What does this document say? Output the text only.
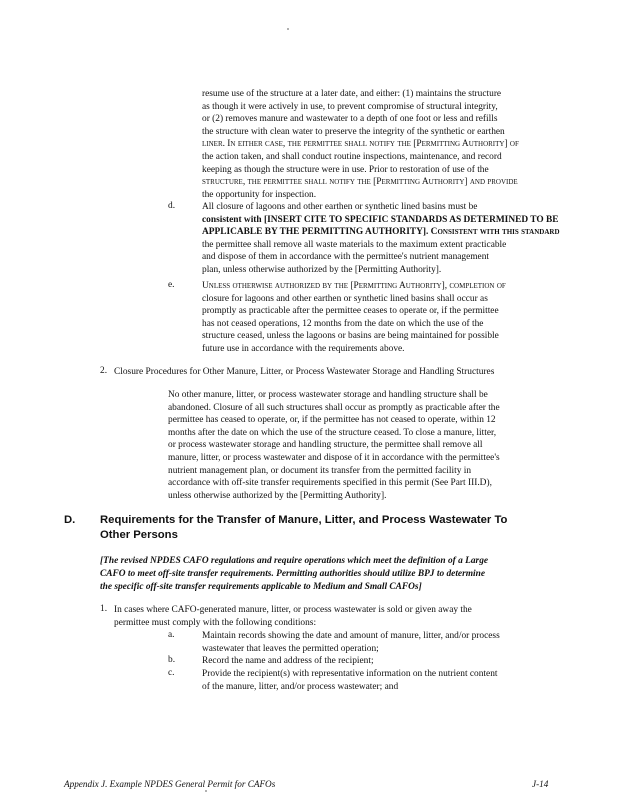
resume use of the structure at a later date, and either: (1) maintains the structure
as though it were actively in use, to prevent compromise of structural integrity,
or (2) removes manure and wastewater to a depth of one foot or less and refills
the structure with clean water to preserve the integrity of the synthetic or earthen
liner. In either case, the permittee shall notify the [Permitting Authority] of
the action taken, and shall conduct routine inspections, maintenance, and record
keeping as though the structure were in use. Prior to restoration of use of the
structure, the permittee shall notify the [Permitting Authority] and provide
the opportunity for inspection.
d.	All closure of lagoons and other earthen or synthetic lined basins must be
consistent with [INSERT CITE TO SPECIFIC STANDARDS AS DETERMINED TO BE
APPLICABLE BY THE PERMITTING AUTHORITY]. Consistent with this standard
the permittee shall remove all waste materials to the maximum extent practicable
and dispose of them in accordance with the permittee's nutrient management
plan, unless otherwise authorized by the [Permitting Authority].
e.	Unless otherwise authorized by the [Permitting Authority], completion of
closure for lagoons and other earthen or synthetic lined basins shall occur as
promptly as practicable after the permittee ceases to operate or, if the permittee
has not ceased operations, 12 months from the date on which the use of the
structure ceased, unless the lagoons or basins are being maintained for possible
future use in accordance with the requirements above.
2. Closure Procedures for Other Manure, Litter, or Process Wastewater Storage and Handling Structures
No other manure, litter, or process wastewater storage and handling structure shall be
abandoned. Closure of all such structures shall occur as promptly as practicable after the
permittee has ceased to operate, or, if the permittee has not ceased to operate, within 12
months after the date on which the use of the structure ceased. To close a manure, litter,
or process wastewater storage and handling structure, the permittee shall remove all
manure, litter, or process wastewater and dispose of it in accordance with the permittee's
nutrient management plan, or document its transfer from the permitted facility in
accordance with off-site transfer requirements specified in this permit (See Part III.D),
unless otherwise authorized by the [Permitting Authority].
D. Requirements for the Transfer of Manure, Litter, and Process Wastewater To
Other Persons
[The revised NPDES CAFO regulations and require operations which meet the definition of a Large
CAFO to meet off-site transfer requirements. Permitting authorities should utilize BPJ to determine
the specific off-site transfer requirements applicable to Medium and Small CAFOs]
1. In cases where CAFO-generated manure, litter, or process wastewater is sold or given away the
permittee must comply with the following conditions:
a.	Maintain records showing the date and amount of manure, litter, and/or process
wastewater that leaves the permitted operation;
b.	Record the name and address of the recipient;
c.	Provide the recipient(s) with representative information on the nutrient content
of the manure, litter, and/or process wastewater; and
Appendix J. Example NPDES General Permit for CAFOs	J-14
